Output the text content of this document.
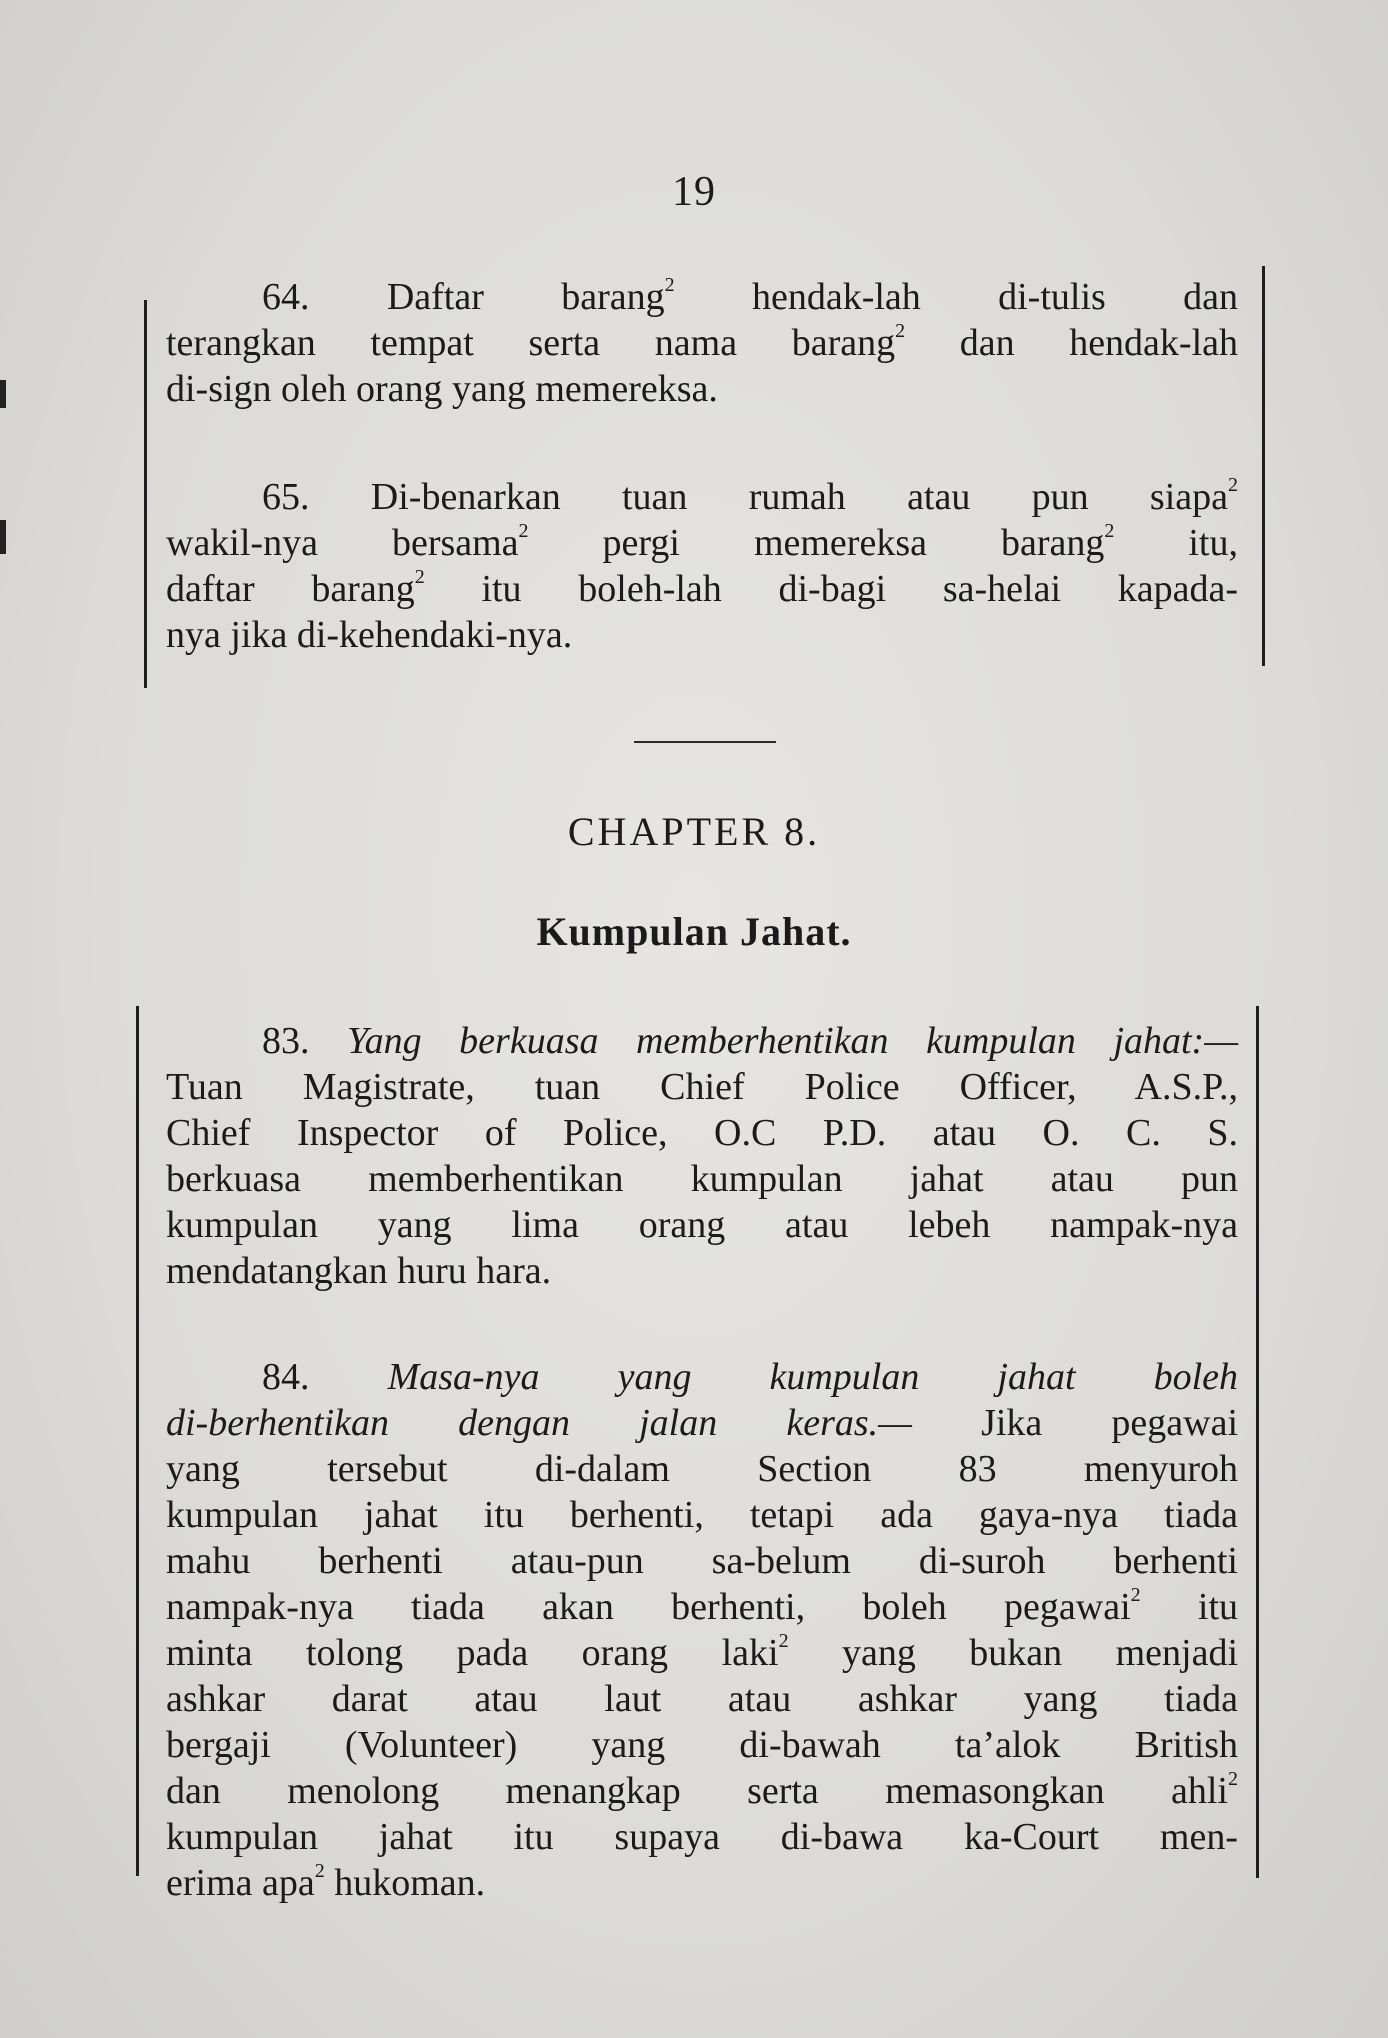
19
64. Daftar barang$^2$ hendak-lah di-tulis dan
terangkan tempat serta nama barang$^2$ dan hendak-lah
di-sign oleh orang yang memereksa.
65. Di-benarkan tuan rumah atau pun siapa$^2$
wakil-nya bersama$^2$ pergi memereksa barang$^2$ itu,
daftar barang$^2$ itu boleh-lah di-bagi sa-helai kapada-
nya jika di-kehendaki-nya.
CHAPTER 8.
Kumpulan Jahat.
83. Yang berkuasa memberhentikan kumpulan jahat:—
Tuan Magistrate, tuan Chief Police Officer, A.S.P.,
Chief Inspector of Police, O.C P.D. atau O. C. S.
berkuasa memberhentikan kumpulan jahat atau pun
kumpulan yang lima orang atau lebeh nampak-nya
mendatangkan huru hara.
84. Masa-nya yang kumpulan jahat boleh
di-berhentikan dengan jalan keras.— Jika pegawai
yang tersebut di-dalam Section 83 menyuroh
kumpulan jahat itu berhenti, tetapi ada gaya-nya tiada
mahu berhenti atau-pun sa-belum di-suroh berhenti
nampak-nya tiada akan berhenti, boleh pegawai$^2$ itu
minta tolong pada orang laki$^2$ yang bukan menjadi
ashkar darat atau laut atau ashkar yang tiada
bergaji (Volunteer) yang di-bawah ta’alok British
dan menolong menangkap serta memasongkan ahli$^2$
kumpulan jahat itu supaya di-bawa ka-Court men-
erima apa$^2$ hukoman.
